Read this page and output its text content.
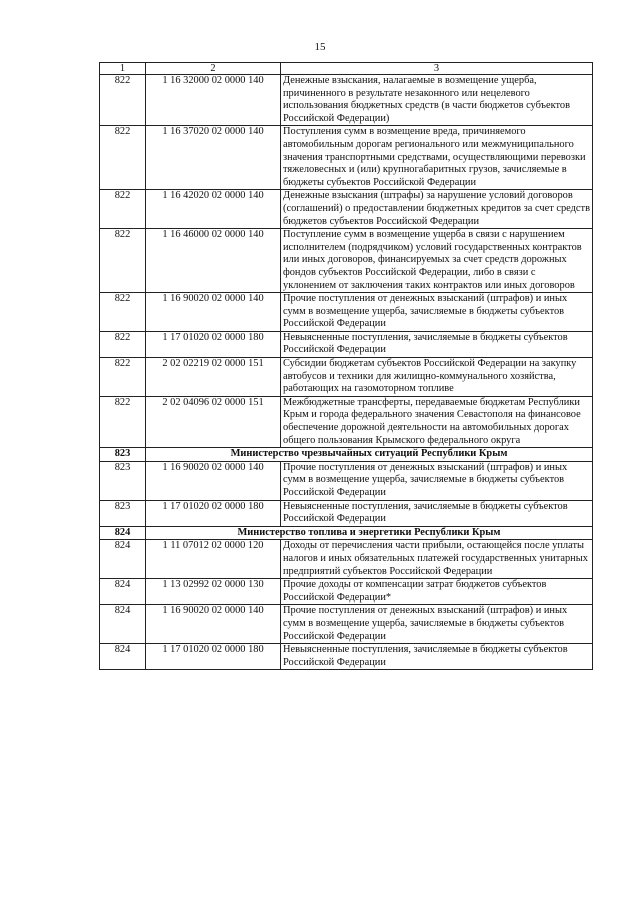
15
1	2	3
822	1 16 32000 02 0000 140	Денежные взыскания, налагаемые в возмещение ущерба, причиненного в результате незаконного или нецелевого использования бюджетных средств (в части бюджетов субъектов Российской Федерации)
822	1 16 37020 02 0000 140	Поступления сумм в возмещение вреда, причиняемого автомобильным дорогам регионального или межмуниципального значения транспортными средствами, осуществляющими перевозки тяжеловесных и (или) крупногабаритных грузов, зачисляемые в бюджеты субъектов Российской Федерации
822	1 16 42020 02 0000 140	Денежные взыскания (штрафы) за нарушение условий договоров (соглашений) о предоставлении бюджетных кредитов за счет средств бюджетов субъектов Российской Федерации
822	1 16 46000 02 0000 140	Поступление сумм в возмещение ущерба в связи с нарушением исполнителем (подрядчиком) условий государственных контрактов или иных договоров, финансируемых за счет средств дорожных фондов субъектов Российской Федерации, либо в связи с уклонением от заключения таких контрактов или иных договоров
822	1 16 90020 02 0000 140	Прочие поступления от денежных взысканий (штрафов) и иных сумм в возмещение ущерба, зачисляемые в бюджеты субъектов Российской Федерации
822	1 17 01020 02 0000 180	Невыясненные поступления, зачисляемые в бюджеты субъектов Российской Федерации
822	2 02 02219 02 0000 151	Субсидии бюджетам субъектов Российской Федерации на закупку автобусов и техники для жилищно-коммунального хозяйства, работающих на газомоторном топливе
822	2 02 04096 02 0000 151	Межбюджетные трансферты, передаваемые бюджетам Республики Крым и города федерального значения Севастополя на финансовое обеспечение дорожной деятельности на автомобильных дорогах общего пользования Крымского федерального округа
823	Министерство чрезвычайных ситуаций Республики Крым	
823	1 16 90020 02 0000 140	Прочие поступления от денежных взысканий (штрафов) и иных сумм в возмещение ущерба, зачисляемые в бюджеты субъектов Российской Федерации
823	1 17 01020 02 0000 180	Невыясненные поступления, зачисляемые в бюджеты субъектов Российской Федерации
824	Министерство топлива и энергетики Республики Крым	
824	1 11 07012 02 0000 120	Доходы от перечисления части прибыли, остающейся после уплаты налогов и иных обязательных платежей государственных унитарных предприятий субъектов Российской Федерации
824	1 13 02992 02 0000 130	Прочие доходы от компенсации затрат бюджетов субъектов Российской Федерации*
824	1 16 90020 02 0000 140	Прочие поступления от денежных взысканий (штрафов) и иных сумм в возмещение ущерба, зачисляемые в бюджеты субъектов Российской Федерации
824	1 17 01020 02 0000 180	Невыясненные поступления, зачисляемые в бюджеты субъектов Российской Федерации
